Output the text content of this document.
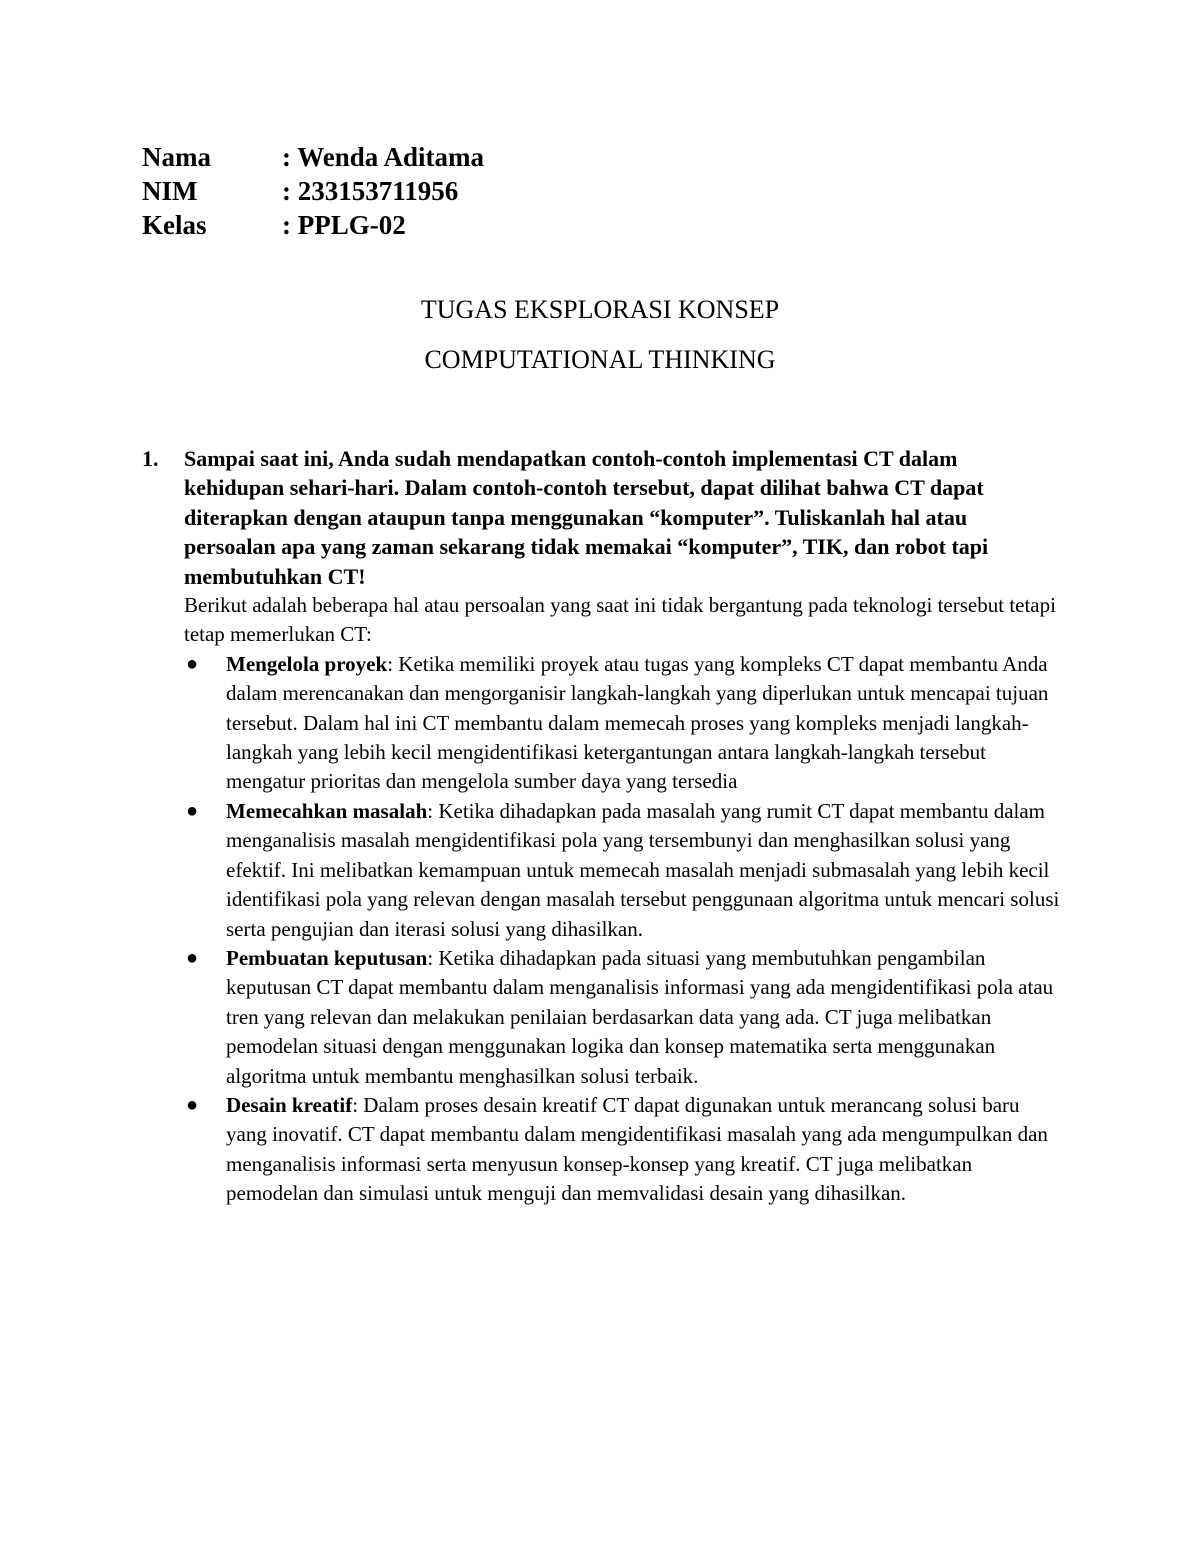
Nama	: Wenda Aditama
NIM	: 233153711956
Kelas	: PPLG-02
TUGAS EKSPLORASI KONSEP
COMPUTATIONAL THINKING
1. Sampai saat ini, Anda sudah mendapatkan contoh-contoh implementasi CT dalam kehidupan sehari-hari. Dalam contoh-contoh tersebut, dapat dilihat bahwa CT dapat diterapkan dengan ataupun tanpa menggunakan “komputer”. Tuliskanlah hal atau persoalan apa yang zaman sekarang tidak memakai “komputer”, TIK, dan robot tapi membutuhkan CT!
Berikut adalah beberapa hal atau persoalan yang saat ini tidak bergantung pada teknologi tersebut tetapi tetap memerlukan CT:
● Mengelola proyek: Ketika memiliki proyek atau tugas yang kompleks CT dapat membantu Anda dalam merencanakan dan mengorganisir langkah-langkah yang diperlukan untuk mencapai tujuan tersebut. Dalam hal ini CT membantu dalam memecah proses yang kompleks menjadi langkah-langkah yang lebih kecil mengidentifikasi ketergantungan antara langkah-langkah tersebut mengatur prioritas dan mengelola sumber daya yang tersedia
● Memecahkan masalah: Ketika dihadapkan pada masalah yang rumit CT dapat membantu dalam menganalisis masalah mengidentifikasi pola yang tersembunyi dan menghasilkan solusi yang efektif. Ini melibatkan kemampuan untuk memecah masalah menjadi submasalah yang lebih kecil identifikasi pola yang relevan dengan masalah tersebut penggunaan algoritma untuk mencari solusi serta pengujian dan iterasi solusi yang dihasilkan.
● Pembuatan keputusan: Ketika dihadapkan pada situasi yang membutuhkan pengambilan keputusan CT dapat membantu dalam menganalisis informasi yang ada mengidentifikasi pola atau tren yang relevan dan melakukan penilaian berdasarkan data yang ada. CT juga melibatkan pemodelan situasi dengan menggunakan logika dan konsep matematika serta menggunakan algoritma untuk membantu menghasilkan solusi terbaik.
● Desain kreatif: Dalam proses desain kreatif CT dapat digunakan untuk merancang solusi baru yang inovatif. CT dapat membantu dalam mengidentifikasi masalah yang ada mengumpulkan dan menganalisis informasi serta menyusun konsep-konsep yang kreatif. CT juga melibatkan pemodelan dan simulasi untuk menguji dan memvalidasi desain yang dihasilkan.
